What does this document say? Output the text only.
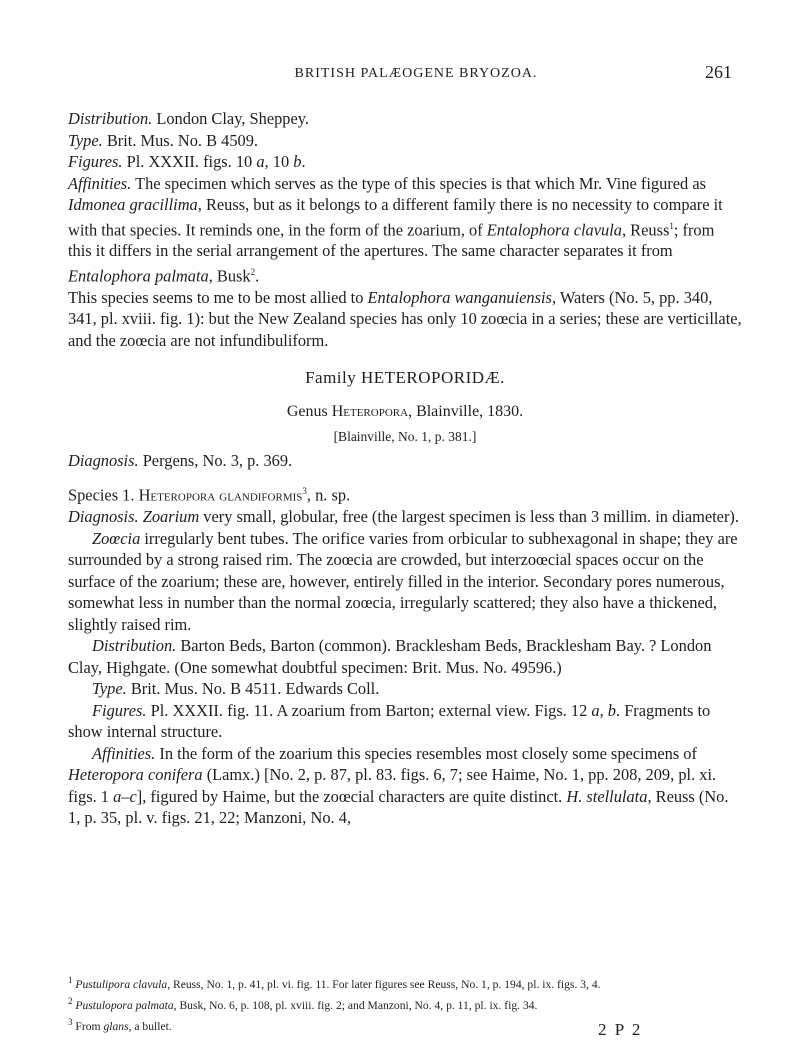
BRITISH PALÆOGENE BRYOZOA.	261

Distribution. London Clay, Sheppey.

Type. Brit. Mus. No. B 4509.

Figures. Pl. XXXII. figs. 10 a, 10 b.

Affinities. The specimen which serves as the type of this species is that which Mr. Vine figured as Idmonea gracillima, Reuss, but as it belongs to a different family there is no necessity to compare it with that species. It reminds one, in the form of the zoarium, of Entalophora clavula, Reuss$^1$; from this it differs in the serial arrangement of the apertures. The same character separates it from Entalophora palmata, Busk$^2$.

This species seems to me to be most allied to Entalophora wanganuiensis, Waters (No. 5, pp. 340, 341, pl. xviii. fig. 1): but the New Zealand species has only 10 zoœcia in a series; these are verticillate, and the zoœcia are not infundibuliform.

Family HETEROPORIDÆ.

Genus Heteropora, Blainville, 1830.

[Blainville, No. 1, p. 381.]

Diagnosis. Pergens, No. 3, p. 369.

Species 1. Heteropora glandiformis$^3$, n. sp.

Diagnosis. Zoarium very small, globular, free (the largest specimen is less than 3 millim. in diameter).

Zoœcia irregularly bent tubes. The orifice varies from orbicular to subhexagonal in shape; they are surrounded by a strong raised rim. The zoœcia are crowded, but interzoœcial spaces occur on the surface of the zoarium; these are, however, entirely filled in the interior. Secondary pores numerous, somewhat less in number than the normal zoœcia, irregularly scattered; they also have a thickened, slightly raised rim.

Distribution. Barton Beds, Barton (common). Bracklesham Beds, Bracklesham Bay. ? London Clay, Highgate. (One somewhat doubtful specimen: Brit. Mus. No. 49596.)

Type. Brit. Mus. No. B 4511. Edwards Coll.

Figures. Pl. XXXII. fig. 11. A zoarium from Barton; external view. Figs. 12 a, b. Fragments to show internal structure.

Affinities. In the form of the zoarium this species resembles most closely some specimens of Heteropora conifera (Lamx.) [No. 2, p. 87, pl. 83. figs. 6, 7; see Haime, No. 1, pp. 208, 209, pl. xi. figs. 1 a–c], figured by Haime, but the zoœcial characters are quite distinct. H. stellulata, Reuss (No. 1, p. 35, pl. v. figs. 21, 22; Manzoni, No. 4,

$^1$ Pustulipora clavula, Reuss, No. 1, p. 41, pl. vi. fig. 11. For later figures see Reuss, No. 1, p. 194, pl. ix. figs. 3, 4.

$^2$ Pustulopora palmata, Busk, No. 6, p. 108, pl. xviii. fig. 2; and Manzoni, No. 4, p. 11, pl. ix. fig. 34.

$^3$ From glans, a bullet.	2 P 2
